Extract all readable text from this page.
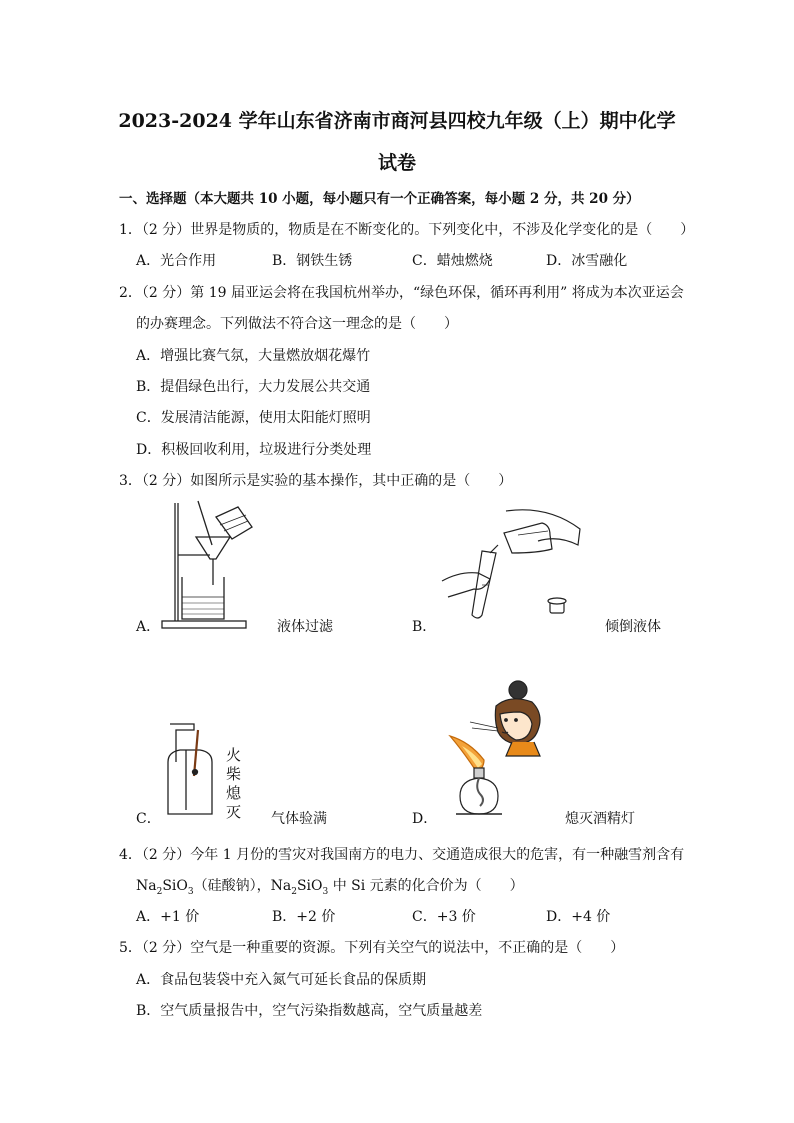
2023-2024 学年山东省济南市商河县四校九年级（上）期中化学
试卷
一、选择题（本大题共 10 小题，每小题只有一个正确答案，每小题 2 分，共 20 分）
1．（2 分）世界是物质的，物质是在不断变化的。下列变化中，不涉及化学变化的是（　　）
A．光合作用	B．钢铁生锈	C．蜡烛燃烧	D．冰雪融化
2．（2 分）第 19 届亚运会将在我国杭州举办，“绿色环保，循环再利用” 将成为本次亚运会
的办赛理念。下列做法不符合这一理念的是（　　）
A．增强比赛气氛，大量燃放烟花爆竹
B．提倡绿色出行，大力发展公共交通
C．发展清洁能源，使用太阳能灯照明
D．积极回收利用，垃圾进行分类处理
3．（2 分）如图所示是实验的基本操作，其中正确的是（　　）
A．	液体过滤	B．	倾倒液体
火
柴
熄
灭
C．	气体验满	D．	熄灭酒精灯
4．（2 分）今年 1 月份的雪灾对我国南方的电力、交通造成很大的危害，有一种融雪剂含有
$Na_2SiO_3$（硅酸钠），$Na_2SiO_3$ 中 Si 元素的化合价为（　　）
A．+1 价	B．+2 价	C．+3 价	D．+4 价
5．（2 分）空气是一种重要的资源。下列有关空气的说法中，不正确的是（　　）
A．食品包装袋中充入氮气可延长食品的保质期
B．空气质量报告中，空气污染指数越高，空气质量越差
